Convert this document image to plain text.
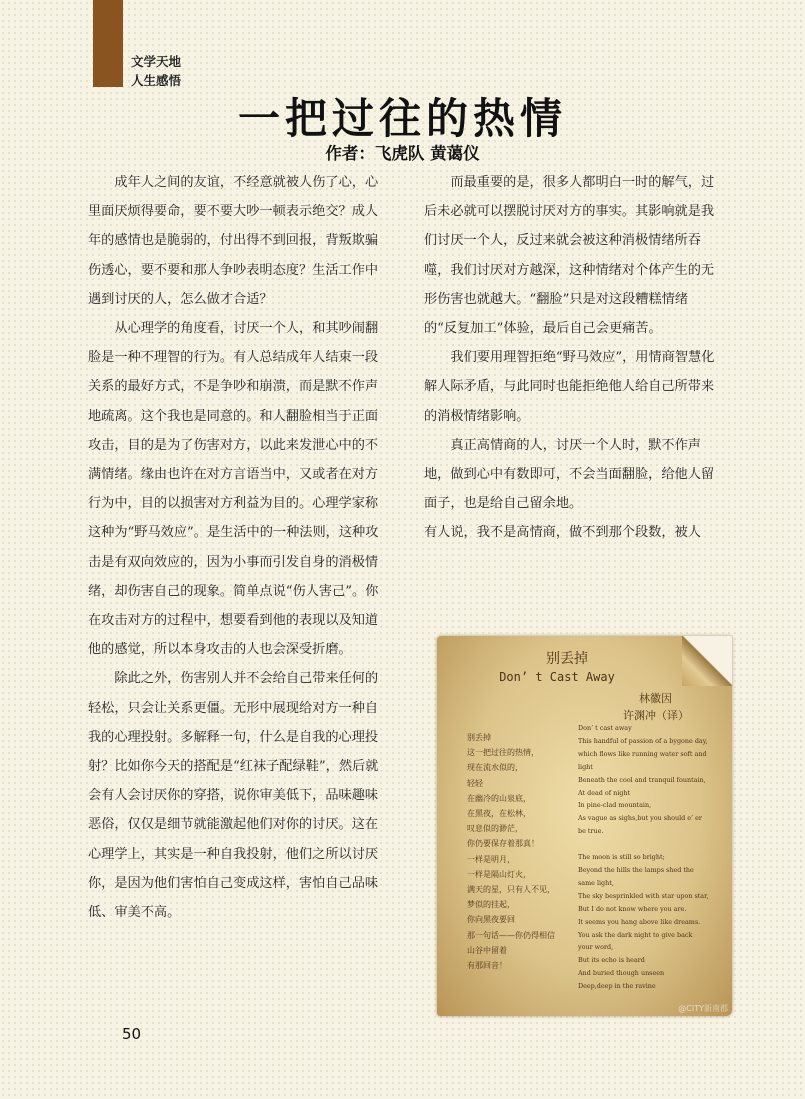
文学天地
人生感悟
一把过往的热情
作者：飞虎队 黄蔼仪

成年人之间的友谊，不经意就被人伤了心，心里面厌烦得要命，要不要大吵一顿表示绝交？成人年的感情也是脆弱的，付出得不到回报，背叛欺骗伤透心，要不要和那人争吵表明态度？生活工作中遇到讨厌的人，怎么做才合适？

从心理学的角度看，讨厌一个人，和其吵闹翻脸是一种不理智的行为。有人总结成年人结束一段关系的最好方式，不是争吵和崩溃，而是默不作声地疏离。这个我也是同意的。和人翻脸相当于正面攻击，目的是为了伤害对方，以此来发泄心中的不满情绪。缘由也许在对方言语当中，又或者在对方行为中，目的以损害对方利益为目的。心理学家称这种为“野马效应”。是生活中的一种法则，这种攻击是有双向效应的，因为小事而引发自身的消极情绪，却伤害自己的现象。简单点说“伤人害己”。你在攻击对方的过程中，想要看到他的表现以及知道他的感觉，所以本身攻击的人也会深受折磨。

除此之外，伤害别人并不会给自己带来任何的轻松，只会让关系更僵。无形中展现给对方一种自我的心理投射。多解释一句，什么是自我的心理投射？比如你今天的搭配是“红袜子配绿鞋”，然后就会有人会讨厌你的穿搭，说你审美低下，品味趣味恶俗，仅仅是细节就能激起他们对你的讨厌。这在心理学上，其实是一种自我投射，他们之所以讨厌你，是因为他们害怕自己变成这样，害怕自己品味低、审美不高。

而最重要的是，很多人都明白一时的解气，过后未必就可以摆脱讨厌对方的事实。其影响就是我们讨厌一个人，反过来就会被这种消极情绪所吞噬，我们讨厌对方越深，这种情绪对个体产生的无形伤害也就越大。“翻脸”只是对这段糟糕情绪的“反复加工”体验，最后自己会更痛苦。

我们要用理智拒绝“野马效应”，用情商智慧化解人际矛盾，与此同时也能拒绝他人给自己所带来的消极情绪影响。

真正高情商的人，讨厌一个人时，默不作声地，做到心中有数即可，不会当面翻脸，给他人留面子，也是给自己留余地。

有人说，我不是高情商，做不到那个段数，被人

别丢掉
Don’ t Cast Away
林徽因
许渊冲（译）
别丢掉
这一把过往的热情，
现在流水似的，
轻轻
在幽冷的山泉底，
在黑夜，在松林，
叹息似的渺茫，
你仍要保存着那真！
一样是明月，
一样是隔山灯火，
满天的星，只有人不见，
梦似的挂起，
你向黑夜要回
那一句话——你仍得相信
山谷中留着
有那回音！
Don’ t cast away
This handful of passion of a bygone day,
which flows like running water soft and
light
Beneath the cool and tranquil fountain,
At dead of night
In pine-clad mountain,
As vague as sighs,but you should e’ er
be true.

The moon is still so bright;
Beyond the hills the lamps shed the
same light,
The sky besprinkled with star upon star,
But I do not know where you are.
It seems you hang above like dreams.
You ask the dark night to give back
your word,
But its echo is heard
And buried though unseen
Deep,deep in the ravine
@CITY新南郡
50
